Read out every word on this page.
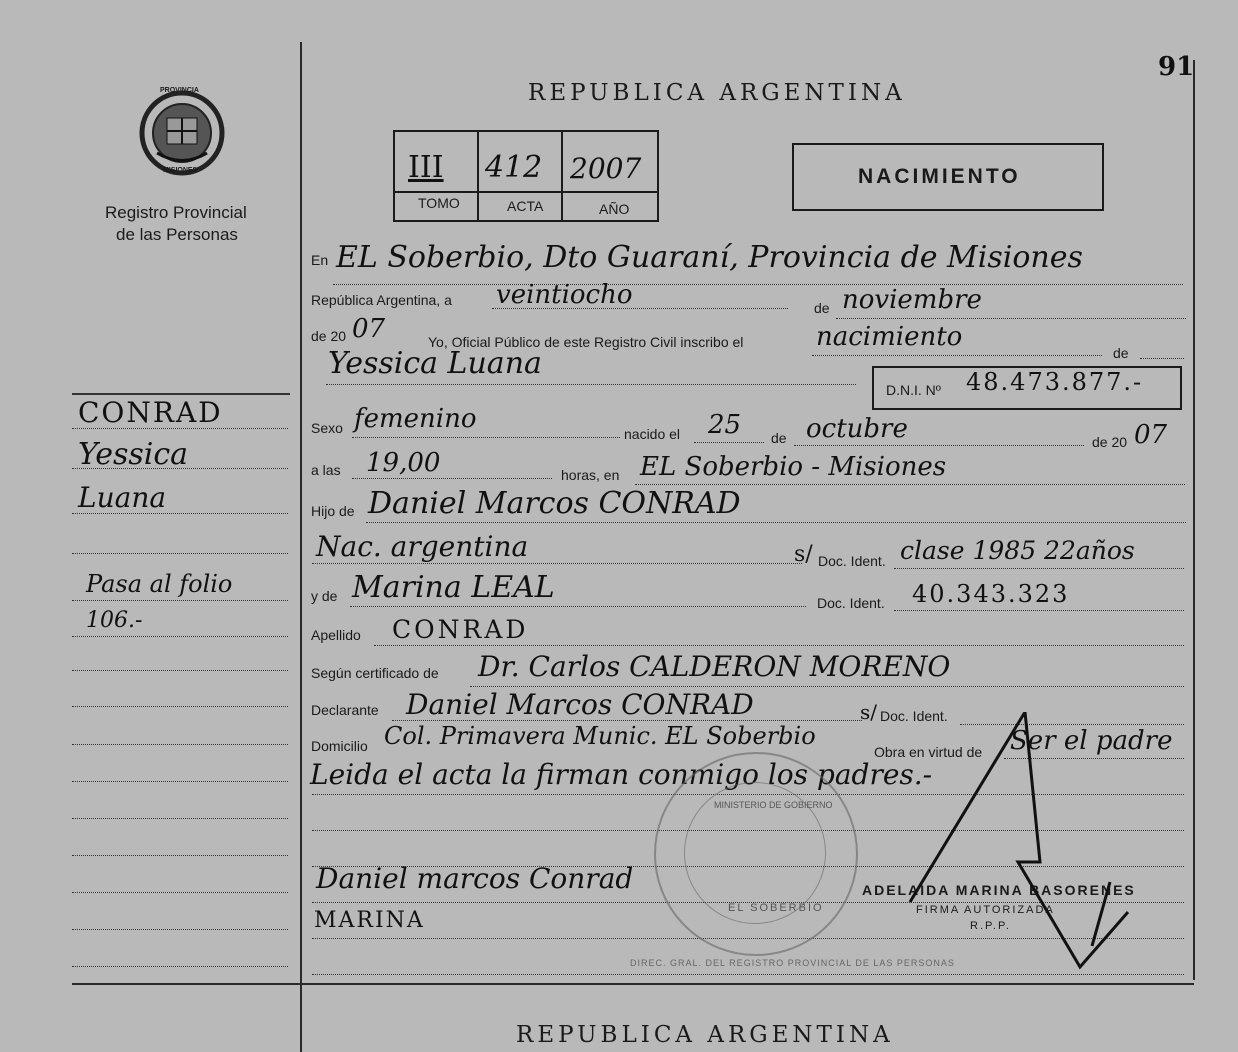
91
PROVINCIA
MISIONES
Registro Provincial
de las Personas
REPUBLICA ARGENTINA
III 412 2007
TOMO	ACTA	AÑO
NACIMIENTO
CONRAD
Yessica
Luana
Pasa al folio
106.-
En EL Soberbio, Dto Guaraní, Provincia de Misiones
República Argentina, a veintiocho	de noviembre
de 20 07	Yo, Oficial Público de este Registro Civil inscribo el	nacimiento
de
Yessica Luana
D.N.I. Nº 48.473.877.-
Sexo femenino	nacido el 25 de octubre	de 20 07
a las 19,00	horas, en EL Soberbio - Misiones
Hijo de Daniel Marcos CONRAD
Nac. argentina	s/ Doc. Ident. clase 1985 22años
y de Marina LEAL	Doc. Ident. 40.343.323
Apellido CONRAD
Según certificado de Dr. Carlos CALDERON MORENO
Declarante Daniel Marcos CONRAD	s/ Doc. Ident.
Domicilio Col. Primavera Munic. EL Soberbio
Obra en virtud de Ser el padre
Leida el acta la firman conmigo los padres.-
MINISTERIO DE GOBIERNO
EL SOBERBIO
DIREC. GRAL. DEL REGISTRO PROVINCIAL DE LAS PERSONAS
Daniel marcos Conrad
MARINA
ADELAIDA MARINA BASORENES
FIRMA AUTORIZADA
R.P.P.
REPUBLICA ARGENTINA
